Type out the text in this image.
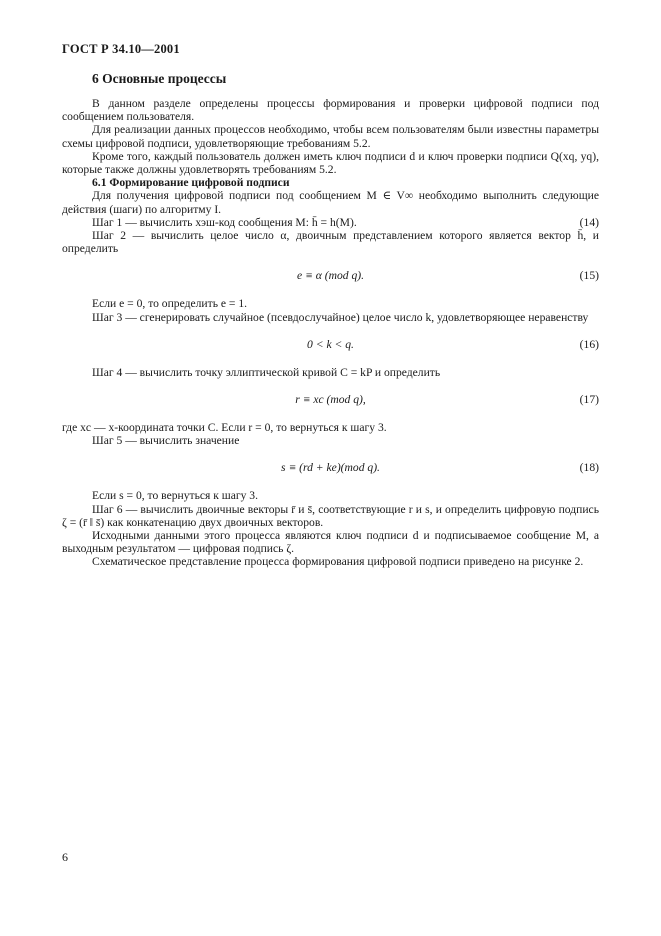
ГОСТ Р 34.10—2001
6 Основные процессы

В данном разделе определены процессы формирования и проверки цифровой подписи под сообщением пользователя.

Для реализации данных процессов необходимо, чтобы всем пользователям были известны параметры схемы цифровой подписи, удовлетворяющие требованиям 5.2.

Кроме того, каждый пользователь должен иметь ключ подписи d и ключ проверки подписи Q(xq, yq), которые также должны удовлетворять требованиям 5.2.

6.1 Формирование цифровой подписи

Для получения цифровой подписи под сообщением M ∈ V∞ необходимо выполнить следующие действия (шаги) по алгоритму I.

Шаг 1 — вычислить хэш-код сообщения M: h̄ = h(M).	(14)

Шаг 2 — вычислить целое число α, двоичным представлением которого является вектор h̄, и определить

e ≡ α (mod q).	(15)

Если e = 0, то определить e = 1.

Шаг 3 — сгенерировать случайное (псевдослучайное) целое число k, удовлетворяющее неравенству

0 < k < q.	(16)

Шаг 4 — вычислить точку эллиптической кривой C = kP и определить

r ≡ xc (mod q),	(17)

где xc — x-координата точки C. Если r = 0, то вернуться к шагу 3.

Шаг 5 — вычислить значение

s ≡ (rd + ke)(mod q).	(18)

Если s = 0, то вернуться к шагу 3.

Шаг 6 — вычислить двоичные векторы r̄ и s̄, соответствующие r и s, и определить цифровую подпись ζ = (r̄ ‖ s̄) как конкатенацию двух двоичных векторов.

Исходными данными этого процесса являются ключ подписи d и подписываемое сообщение M, а выходным результатом — цифровая подпись ζ.

Схематическое представление процесса формирования цифровой подписи приведено на рисунке 2.

6
